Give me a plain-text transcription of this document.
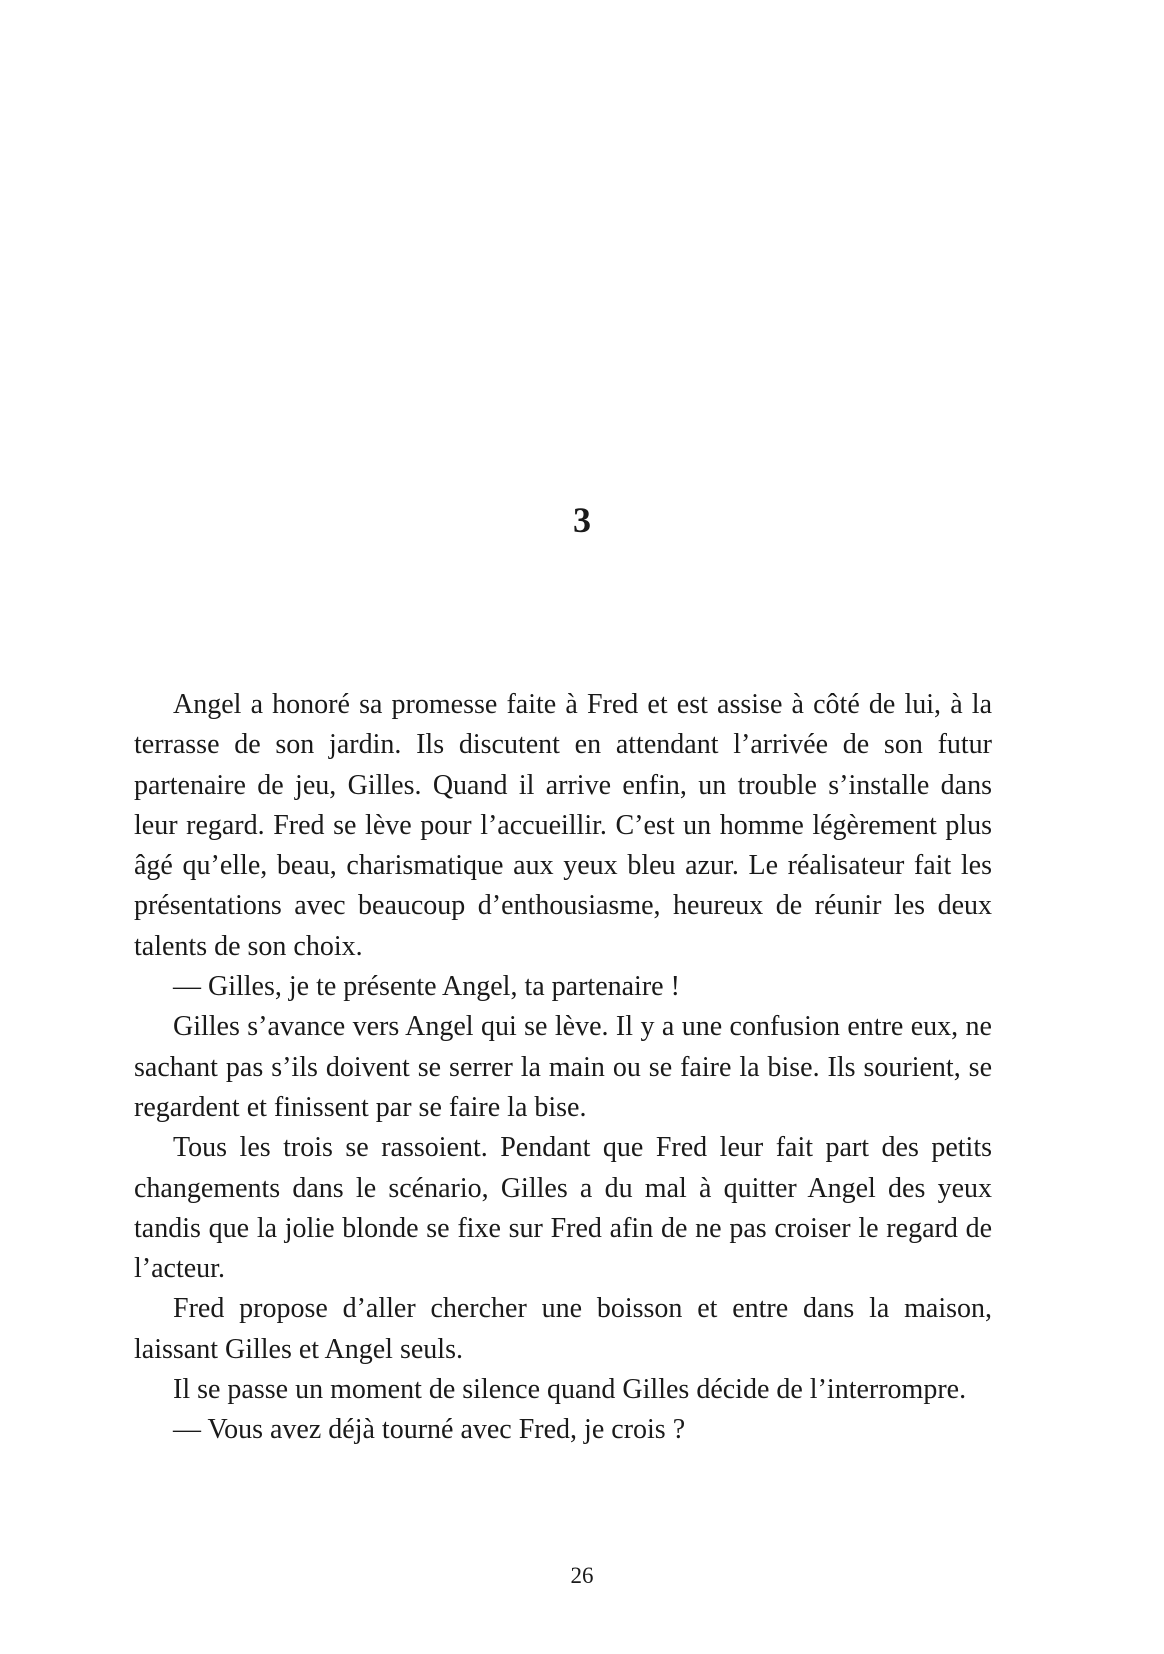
3

Angel a honoré sa promesse faite à Fred et est assise à côté de lui, à la terrasse de son jardin. Ils discutent en attendant l’arrivée de son futur partenaire de jeu, Gilles. Quand il arrive enfin, un trouble s’installe dans leur regard. Fred se lève pour l’accueillir. C’est un homme légèrement plus âgé qu’elle, beau, charismatique aux yeux bleu azur. Le réalisateur fait les présentations avec beaucoup d’enthousiasme, heureux de réunir les deux talents de son choix.

— Gilles, je te présente Angel, ta partenaire !

Gilles s’avance vers Angel qui se lève. Il y a une confusion entre eux, ne sachant pas s’ils doivent se serrer la main ou se faire la bise. Ils sourient, se regardent et finissent par se faire la bise.

Tous les trois se rassoient. Pendant que Fred leur fait part des petits changements dans le scénario, Gilles a du mal à quitter Angel des yeux tandis que la jolie blonde se fixe sur Fred afin de ne pas croiser le regard de l’acteur.

Fred propose d’aller chercher une boisson et entre dans la maison, laissant Gilles et Angel seuls.

Il se passe un moment de silence quand Gilles décide de l’interrompre.

— Vous avez déjà tourné avec Fred, je crois ?

26
